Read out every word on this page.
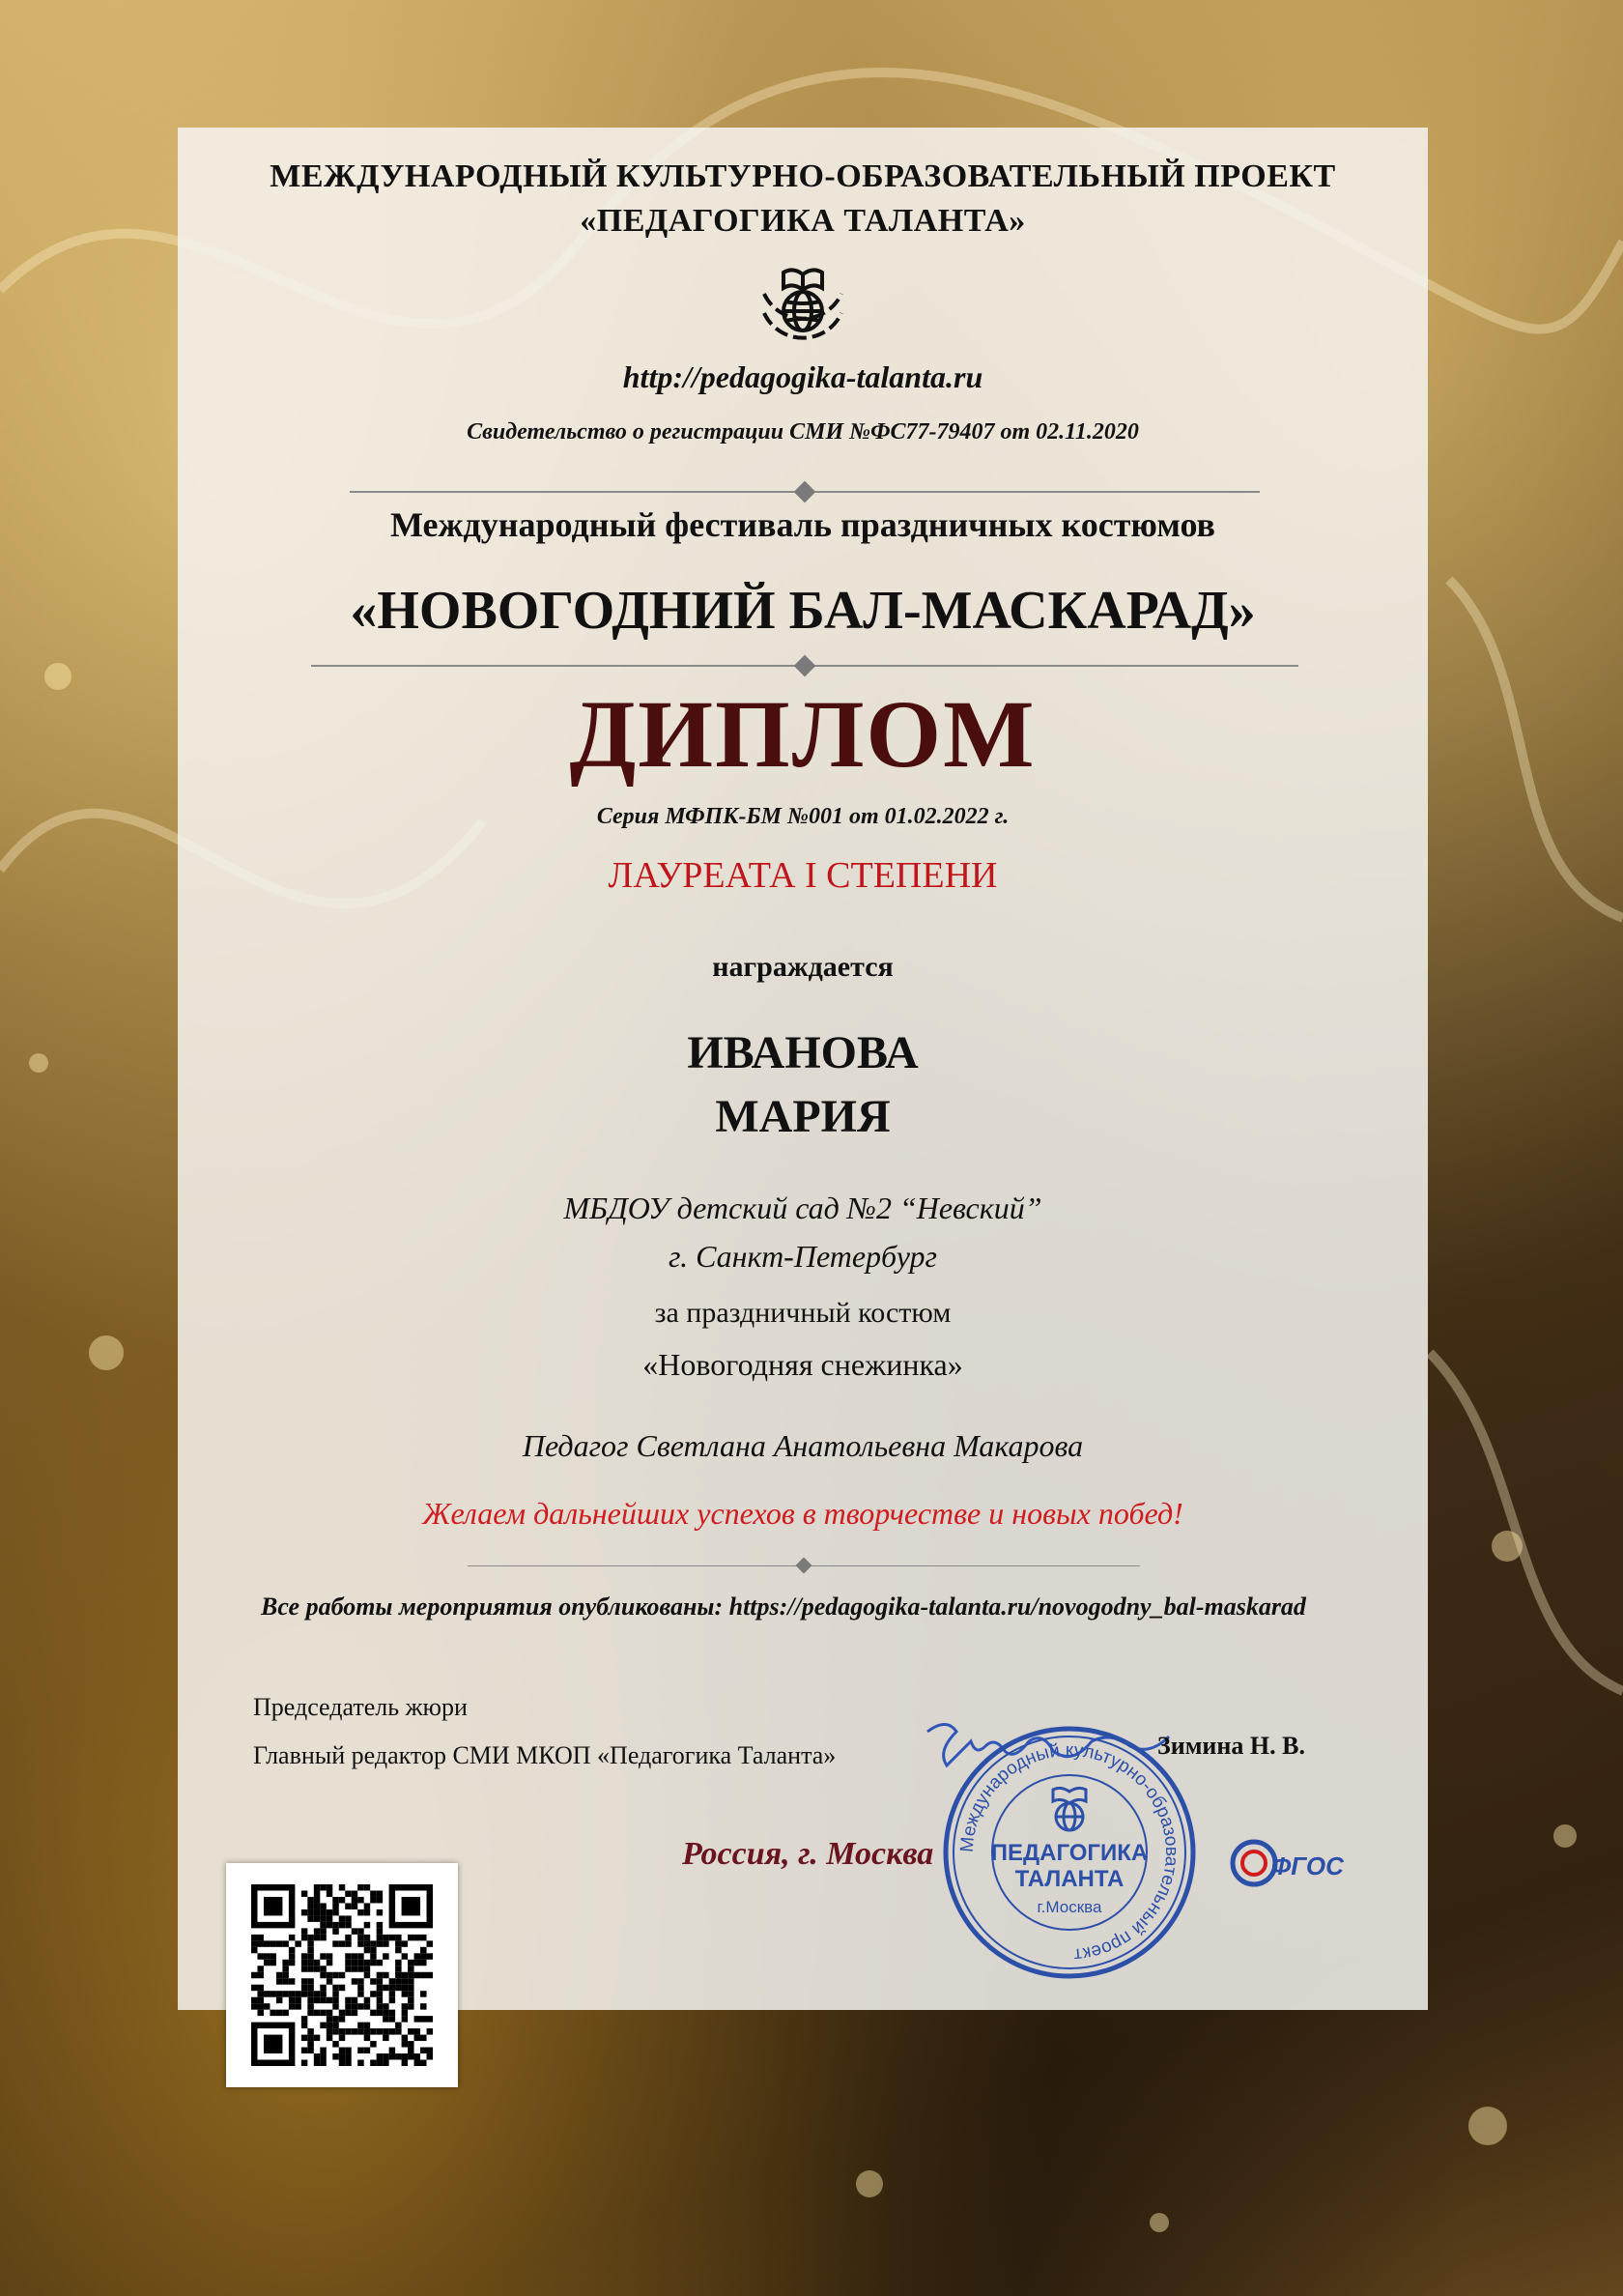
МЕЖДУНАРОДНЫЙ КУЛЬТУРНО-ОБРАЗОВАТЕЛЬНЫЙ ПРОЕКТ
«ПЕДАГОГИКА ТАЛАНТА»
http://pedagogika-talanta.ru
Свидетельство о регистрации СМИ №ФС77-79407 от 02.11.2020
Международный фестиваль праздничных костюмов
«НОВОГОДНИЙ БАЛ-МАСКАРАД»
ДИПЛОМ
Серия МФПК-БМ №001 от 01.02.2022 г.
ЛАУРЕАТА I СТЕПЕНИ
награждается
ИВАНОВА
МАРИЯ
МБДОУ детский сад №2 “Невский”
г. Санкт-Петербург
за праздничный костюм
«Новогодняя снежинка»
Педагог Светлана Анатольевна Макарова
Желаем дальнейших успехов в творчестве и новых побед!
Все работы мероприятия опубликованы: https://pedagogika-talanta.ru/novogodny_bal-maskarad
Председатель жюри
Главный редактор СМИ МКОП «Педагогика Таланта»	Зимина Н. В.
Россия, г. Москва Международный культурно-образовательный проект
ПЕДАГОГИКА
ТАЛАНТА
г.Москва
ФГОС
